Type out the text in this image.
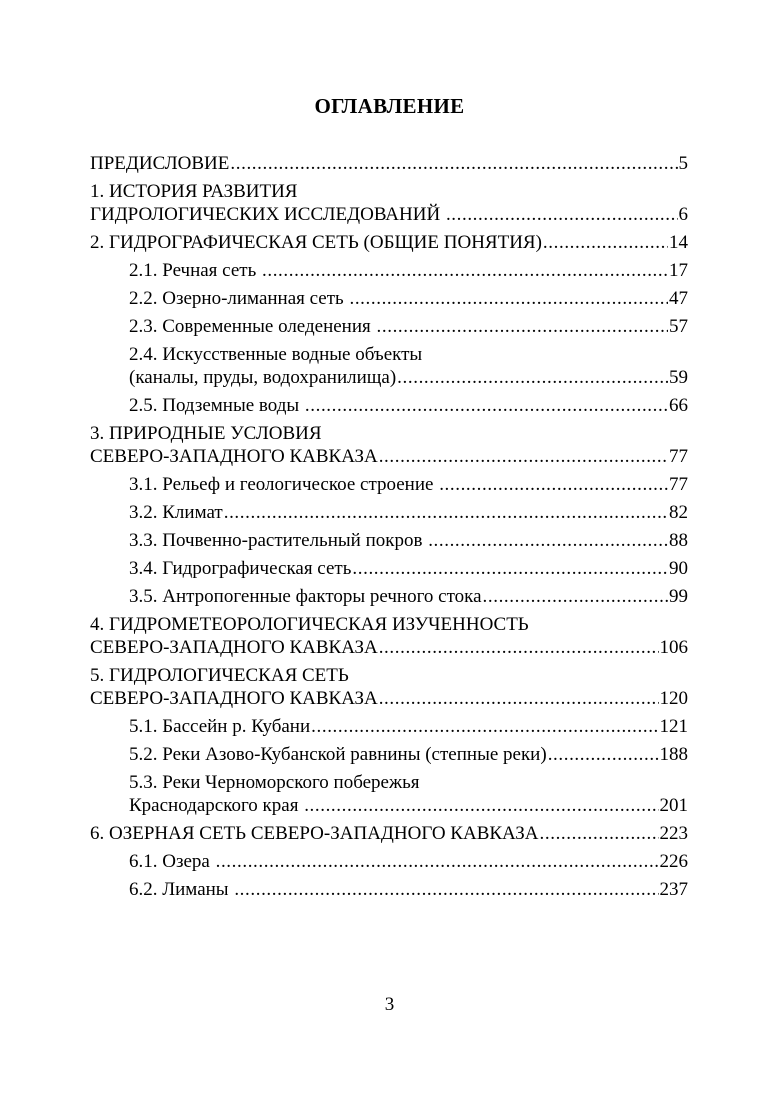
ОГЛАВЛЕНИЕ
ПРЕДИСЛОВИЕ .....	5
1. ИСТОРИЯ РАЗВИТИЯ
ГИДРОЛОГИЧЕСКИХ ИССЛЕДОВАНИЙ .....	6
2. ГИДРОГРАФИЧЕСКАЯ СЕТЬ (ОБЩИЕ ПОНЯТИЯ) .....	14
2.1. Речная сеть .....	17
2.2. Озерно-лиманная сеть .....	47
2.3. Современные оледенения .....	57
2.4. Искусственные водные объекты
(каналы, пруды, водохранилища) .....	59
2.5. Подземные воды .....	66
3. ПРИРОДНЫЕ УСЛОВИЯ
СЕВЕРО-ЗАПАДНОГО КАВКАЗА .....	77
3.1. Рельеф и геологическое строение .....	77
3.2. Климат .....	82
3.3. Почвенно-растительный покров .....	88
3.4. Гидрографическая сеть .....	90
3.5. Антропогенные факторы речного стока .....	99
4. ГИДРОМЕТЕОРОЛОГИЧЕСКАЯ ИЗУЧЕННОСТЬ
СЕВЕРО-ЗАПАДНОГО КАВКАЗА .....	106
5. ГИДРОЛОГИЧЕСКАЯ СЕТЬ
СЕВЕРО-ЗАПАДНОГО КАВКАЗА .....	120
5.1. Бассейн р. Кубани .....	121
5.2. Реки Азово-Кубанской равнины (степные реки) .....	188
5.3. Реки Черноморского побережья
Краснодарского края .....	201
6. ОЗЕРНАЯ СЕТЬ СЕВЕРО-ЗАПАДНОГО КАВКАЗА .....	223
6.1. Озера .....	226
6.2. Лиманы .....	237
3
